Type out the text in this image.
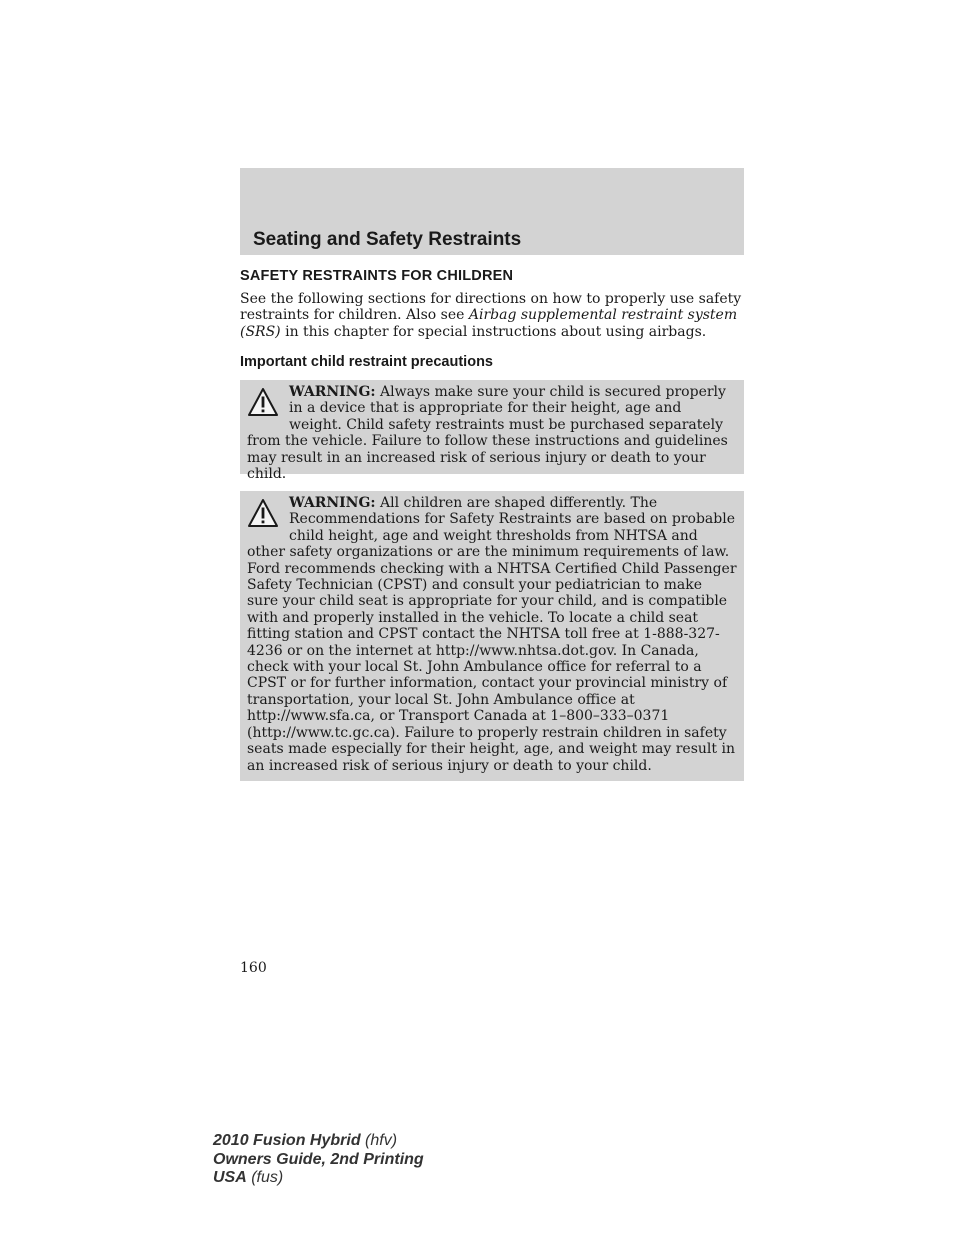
Seating and Safety Restraints
SAFETY RESTRAINTS FOR CHILDREN

See the following sections for directions on how to properly use safety restraints for children. Also see Airbag supplemental restraint system (SRS) in this chapter for special instructions about using airbags.

Important child restraint precautions

WARNING: Always make sure your child is secured properly in a device that is appropriate for their height, age and weight. Child safety restraints must be purchased separately from the vehicle. Failure to follow these instructions and guidelines may result in an increased risk of serious injury or death to your child.

WARNING: All children are shaped differently. The Recommendations for Safety Restraints are based on probable child height, age and weight thresholds from NHTSA and other safety organizations or are the minimum requirements of law. Ford recommends checking with a NHTSA Certified Child Passenger Safety Technician (CPST) and consult your pediatrician to make sure your child seat is appropriate for your child, and is compatible with and properly installed in the vehicle. To locate a child seat fitting station and CPST contact the NHTSA toll free at 1-888-327-4236 or on the internet at http://www.nhtsa.dot.gov. In Canada, check with your local St. John Ambulance office for referral to a CPST or for further information, contact your provincial ministry of transportation, your local St. John Ambulance office at http://www.sfa.ca, or Transport Canada at 1–800–333–0371 (http://www.tc.gc.ca). Failure to properly restrain children in safety seats made especially for their height, age, and weight may result in an increased risk of serious injury or death to your child.

160
2010 Fusion Hybrid (hfv)
Owners Guide, 2nd Printing
USA (fus)
